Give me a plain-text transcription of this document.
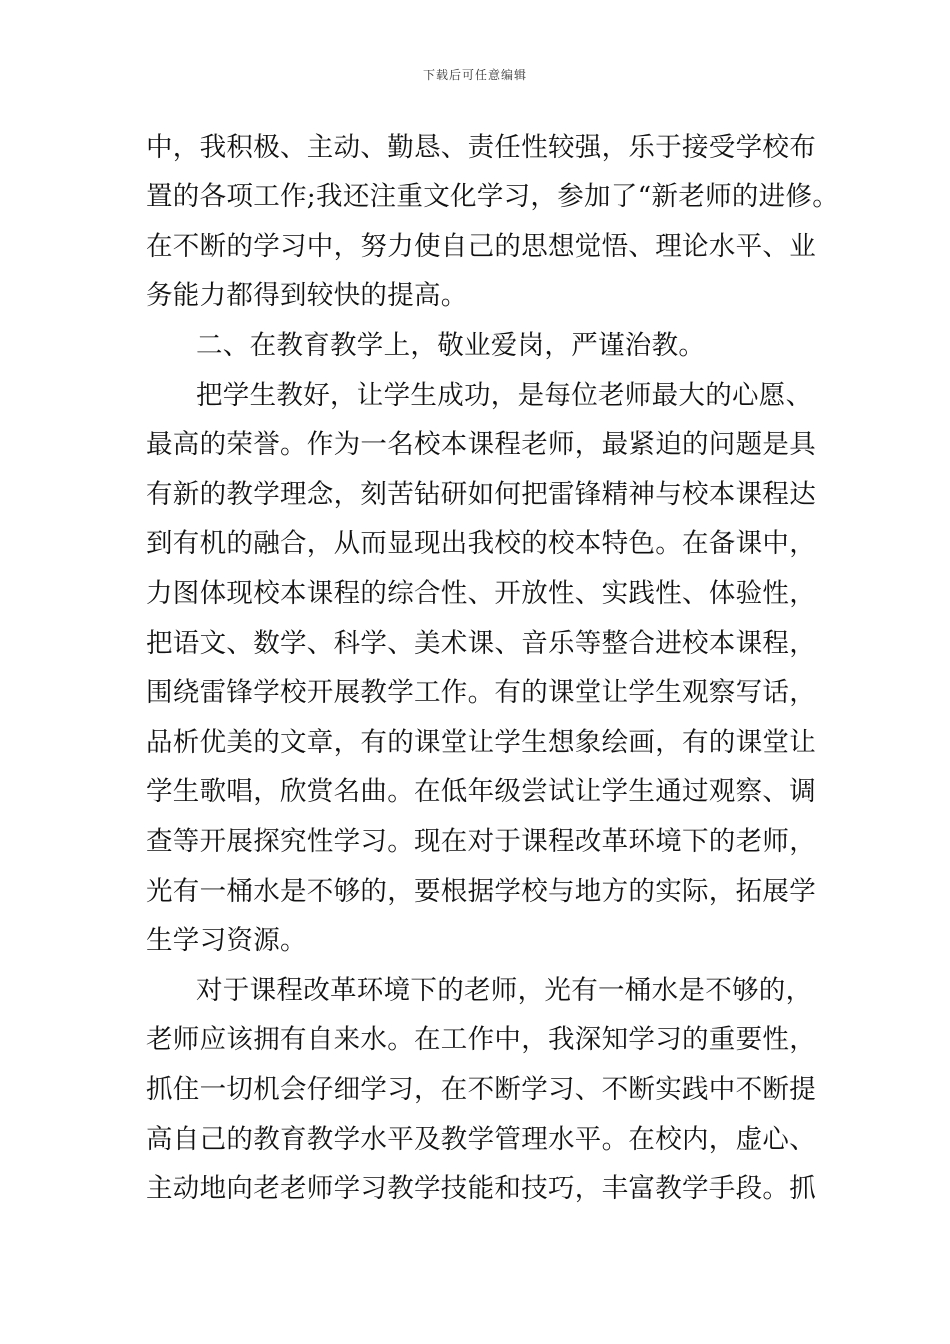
下载后可任意编辑
中，我积极、主动、勤恳、责任性较强，乐于接受学校布
置的各项工作;我还注重文化学习，参加了“新老师的进修。
在不断的学习中，努力使自己的思想觉悟、理论水平、业
务能力都得到较快的提高。
二、在教育教学上，敬业爱岗，严谨治教。
把学生教好，让学生成功，是每位老师最大的心愿、
最高的荣誉。作为一名校本课程老师，最紧迫的问题是具
有新的教学理念，刻苦钻研如何把雷锋精神与校本课程达
到有机的融合，从而显现出我校的校本特色。在备课中，
力图体现校本课程的综合性、开放性、实践性、体验性，
把语文、数学、科学、美术课、音乐等整合进校本课程，
围绕雷锋学校开展教学工作。有的课堂让学生观察写话，
品析优美的文章，有的课堂让学生想象绘画，有的课堂让
学生歌唱，欣赏名曲。在低年级尝试让学生通过观察、调
查等开展探究性学习。现在对于课程改革环境下的老师，
光有一桶水是不够的，要根据学校与地方的实际，拓展学
生学习资源。
对于课程改革环境下的老师，光有一桶水是不够的，
老师应该拥有自来水。在工作中，我深知学习的重要性，
抓住一切机会仔细学习，在不断学习、不断实践中不断提
高自己的教育教学水平及教学管理水平。在校内，虚心、
主动地向老老师学习教学技能和技巧，丰富教学手段。抓
